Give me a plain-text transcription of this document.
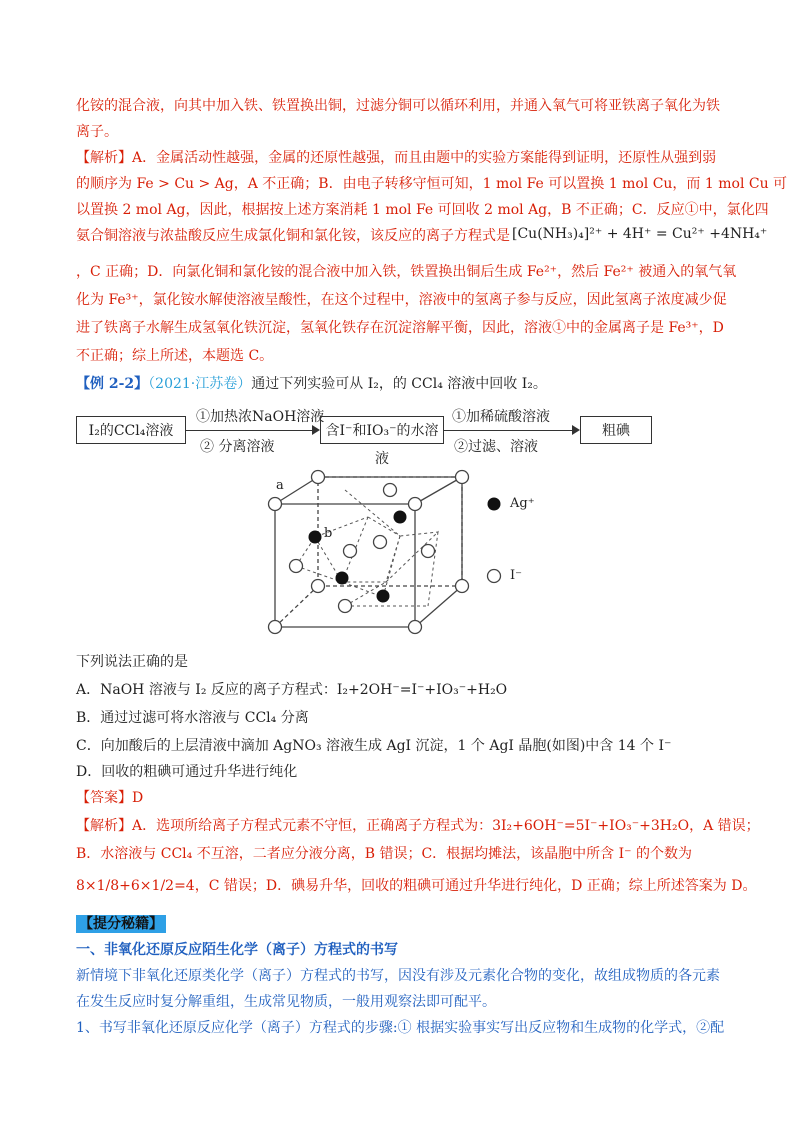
化铵的混合液，向其中加入铁、铁置换出铜，过滤分铜可以循环利用，并通入氧气可将亚铁离子氧化为铁
离子。
【解析】A．金属活动性越强，金属的还原性越强，而且由题中的实验方案能得到证明，还原性从强到弱
的顺序为 Fe > Cu > Ag，A 不正确；B．由电子转移守恒可知，1 mol Fe 可以置换 1 mol Cu，而 1 mol Cu 可
以置换 2 mol Ag，因此，根据按上述方案消耗 1 mol Fe 可回收 2 mol Ag，B 不正确；C．反应①中，氯化四
氨合铜溶液与浓盐酸反应生成氯化铜和氯化铵，该反应的离子方程式是 [Cu(NH₃)₄]²⁺ + 4H⁺ = Cu²⁺ +4NH₄⁺
，C 正确；D．向氯化铜和氯化铵的混合液中加入铁，铁置换出铜后生成 Fe²⁺，然后 Fe²⁺ 被通入的氧气氧
化为 Fe³⁺，氯化铵水解使溶液呈酸性，在这个过程中，溶液中的氢离子参与反应，因此氢离子浓度减少促
进了铁离子水解生成氢氧化铁沉淀，氢氧化铁存在沉淀溶解平衡，因此，溶液①中的金属离子是 Fe³⁺，D
不正确；综上所述，本题选 C。
【例 2-2】（2021·江苏卷）通过下列实验可从 I₂，的 CCl₄ 溶液中回收 I₂。
I₂的CCl₄溶液
①加热浓NaOH溶液
② 分离溶液
含I⁻和IO₃⁻的水溶液
①加稀硫酸溶液
②过滤、溶液
粗碘
a
b
Ag⁺
I⁻
下列说法正确的是
A．NaOH 溶液与 I₂ 反应的离子方程式：I₂+2OH⁻=I⁻+IO₃⁻+H₂O
B．通过过滤可将水溶液与 CCl₄ 分离
C．向加酸后的上层清液中滴加 AgNO₃ 溶液生成 AgI 沉淀，1 个 AgI 晶胞(如图)中含 14 个 I⁻
D．回收的粗碘可通过升华进行纯化
【答案】D
【解析】A．选项所给离子方程式元素不守恒，正确离子方程式为：3I₂+6OH⁻=5I⁻+IO₃⁻+3H₂O，A 错误；
B．水溶液与 CCl₄ 不互溶，二者应分液分离，B 错误；C．根据均摊法，该晶胞中所含 I⁻ 的个数为
8×1/8+6×1/2=4，C 错误；D．碘易升华，回收的粗碘可通过升华进行纯化，D 正确；综上所述答案为 D。
【提分秘籍】
一、非氧化还原反应陌生化学（离子）方程式的书写
新情境下非氧化还原类化学（离子）方程式的书写，因没有涉及元素化合物的变化，故组成物质的各元素
在发生反应时复分解重组，生成常见物质，一般用观察法即可配平。
1、书写非氧化还原反应化学（离子）方程式的步骤:① 根据实验事实写出反应物和生成物的化学式，②配
